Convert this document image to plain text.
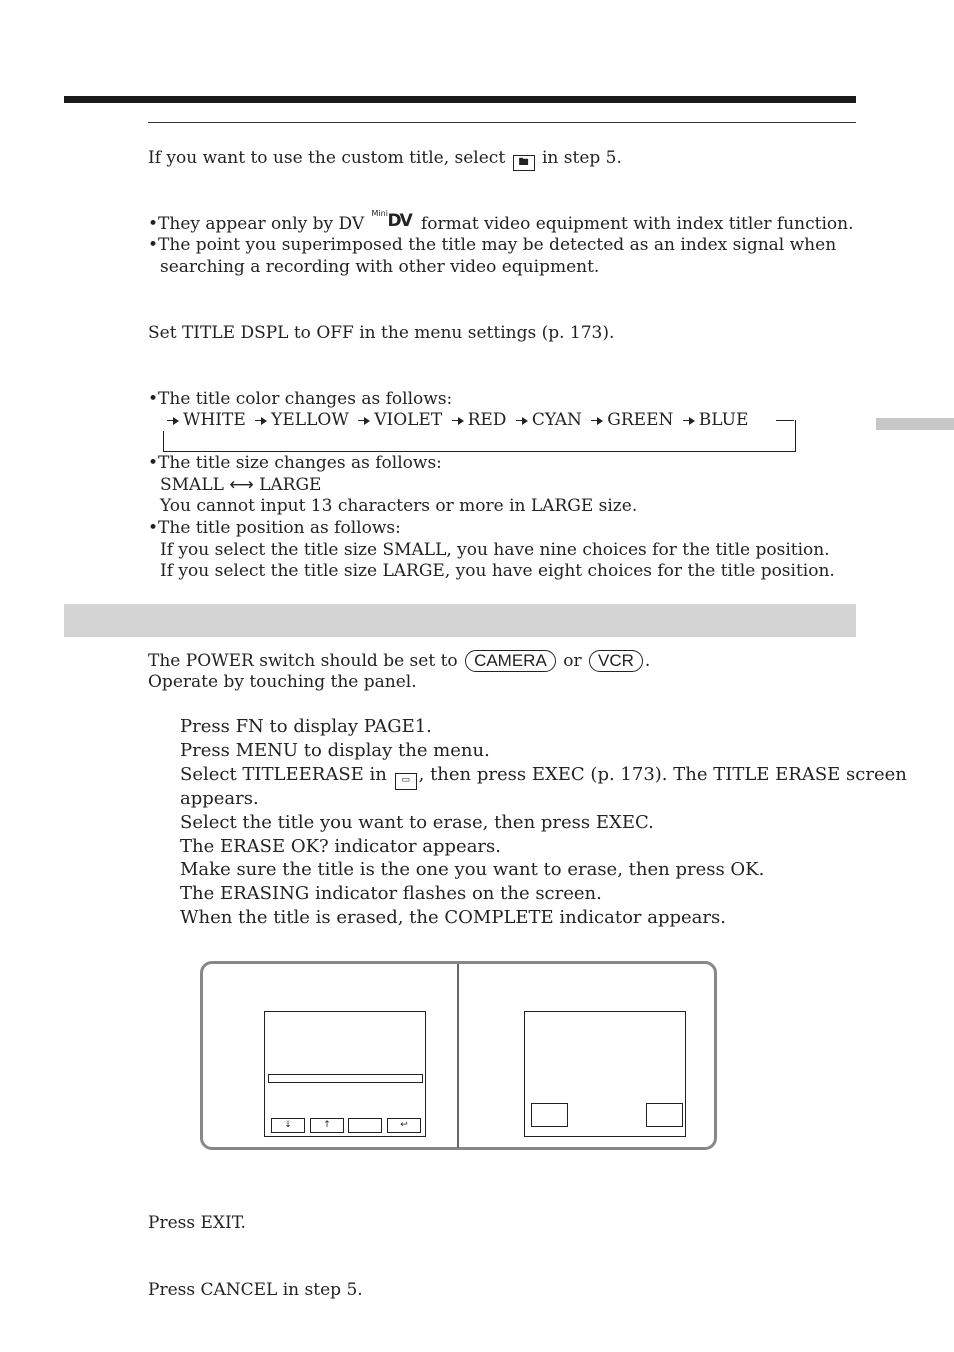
If you want to use the custom title, select 🖿 in step 5.
•They appear only by DV
Mini DV format video equipment with index titler function.
•The point you superimposed the title may be detected as an index signal when
searching a recording with other video equipment.
Set TITLE DSPL to OFF in the menu settings (p. 173).
•The title color changes as follows:
WHITE YELLOW VIOLET RED CYAN GREEN BLUE
•The title size changes as follows:
SMALL ⟷ LARGE
You cannot input 13 characters or more in LARGE size.
•The title position as follows:
If you select the title size SMALL, you have nine choices for the title position.
If you select the title size LARGE, you have eight choices for the title position.
The POWER switch should be set to CAMERA or VCR .
Operate by touching the panel.
Press FN to display PAGE1.
Press MENU to display the menu.
Select TITLEERASE in ▭ , then press EXEC (p. 173). The TITLE ERASE screen
appears.
Select the title you want to erase, then press EXEC.
The ERASE OK? indicator appears.
Make sure the title is the one you want to erase, then press OK.
The ERASING indicator flashes on the screen.
When the title is erased, the COMPLETE indicator appears.
↓	↑	↩
Press EXIT.
Press CANCEL in step 5.
